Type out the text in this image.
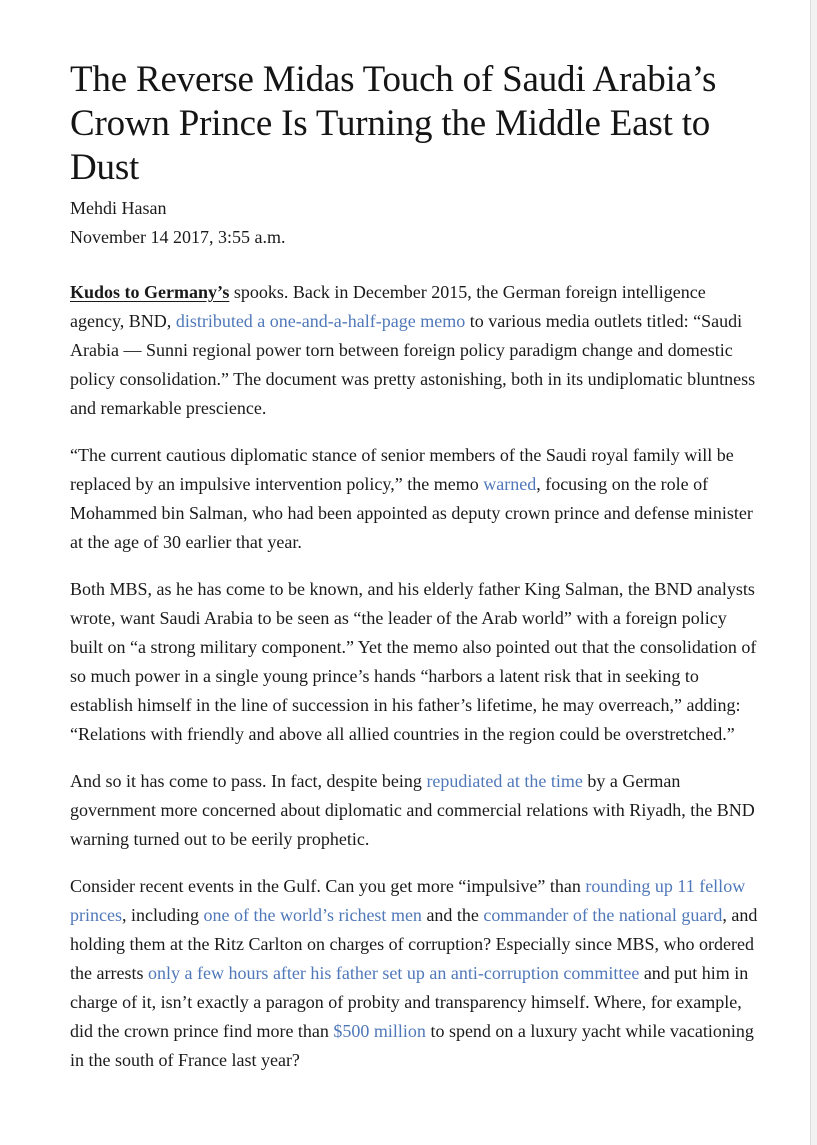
The Reverse Midas Touch of Saudi Arabia’s Crown Prince Is Turning the Middle East to Dust
Mehdi Hasan
November 14 2017, 3:55 a.m.

Kudos to Germany’s spooks. Back in December 2015, the German foreign intelligence agency, BND, distributed a one-and-a-half-page memo to various media outlets titled: “Saudi Arabia — Sunni regional power torn between foreign policy paradigm change and domestic policy consolidation.” The document was pretty astonishing, both in its undiplomatic bluntness and remarkable prescience.

“The current cautious diplomatic stance of senior members of the Saudi royal family will be replaced by an impulsive intervention policy,” the memo warned, focusing on the role of Mohammed bin Salman, who had been appointed as deputy crown prince and defense minister at the age of 30 earlier that year.

Both MBS, as he has come to be known, and his elderly father King Salman, the BND analysts wrote, want Saudi Arabia to be seen as “the leader of the Arab world” with a foreign policy built on “a strong military component.” Yet the memo also pointed out that the consolidation of so much power in a single young prince’s hands “harbors a latent risk that in seeking to establish himself in the line of succession in his father’s lifetime, he may overreach,” adding: “Relations with friendly and above all allied countries in the region could be overstretched.”

And so it has come to pass. In fact, despite being repudiated at the time by a German government more concerned about diplomatic and commercial relations with Riyadh, the BND warning turned out to be eerily prophetic.

Consider recent events in the Gulf. Can you get more “impulsive” than rounding up 11 fellow princes, including one of the world’s richest men and the commander of the national guard, and holding them at the Ritz Carlton on charges of corruption? Especially since MBS, who ordered the arrests only a few hours after his father set up an anti-corruption committee and put him in charge of it, isn’t exactly a paragon of probity and transparency himself. Where, for example, did the crown prince find more than $500 million to spend on a luxury yacht while vacationing in the south of France last year?
